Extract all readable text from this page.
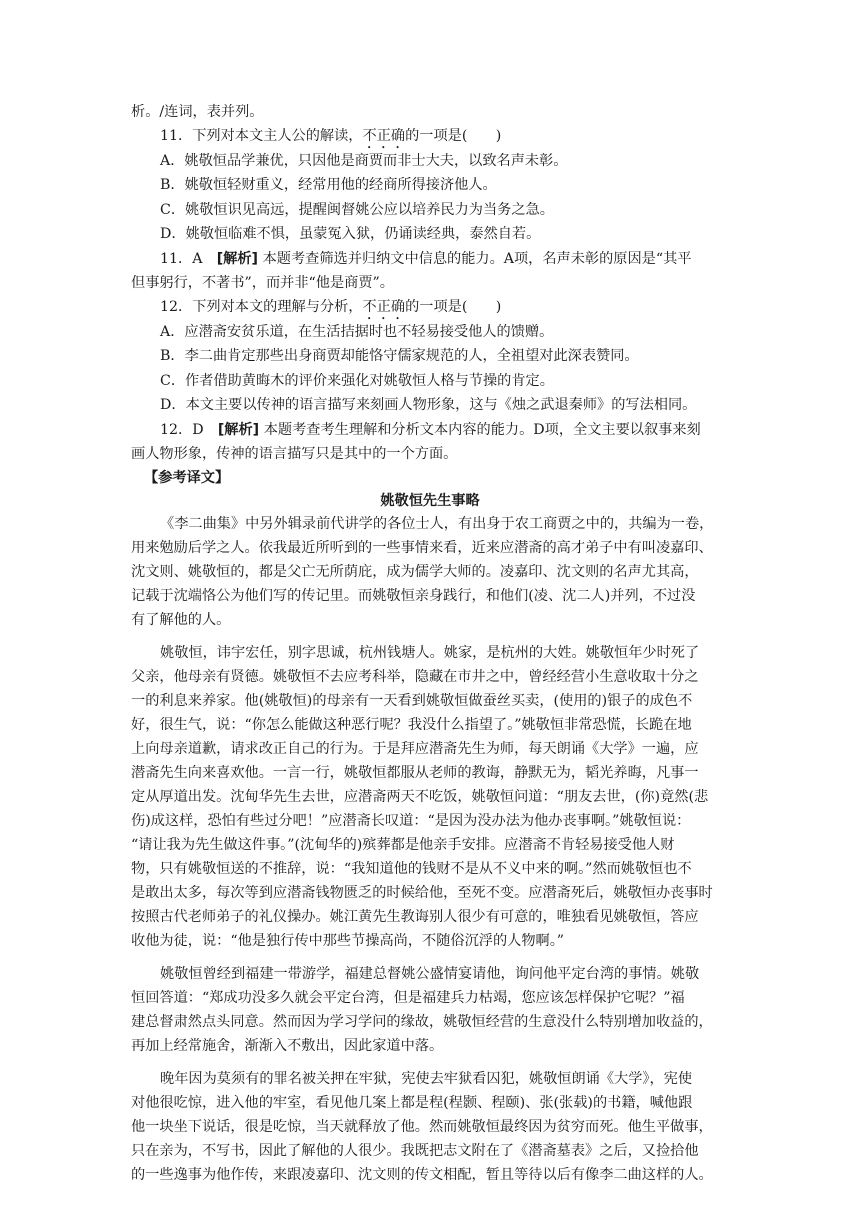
析。/连词，表并列。
11．下列对本文主人公的解读，不正确的一项是(　　)
A．姚敬恒品学兼优，只因他是商贾而非士大夫，以致名声未彰。
B．姚敬恒轻财重义，经常用他的经商所得接济他人。
C．姚敬恒识见高远，提醒闽督姚公应以培养民力为当务之急。
D．姚敬恒临难不惧，虽蒙冤入狱，仍诵读经典，泰然自若。
11．A　 [解析] 本题考查筛选并归纳文中信息的能力。A项，名声未彰的原因是“其平
但事躬行，不著书”，而并非“他是商贾”。
12．下列对本文的理解与分析，不正确的一项是(　　)
A．应潜斋安贫乐道，在生活拮据时也不轻易接受他人的馈赠。
B．李二曲肯定那些出身商贾却能恪守儒家规范的人，全祖望对此深表赞同。
C．作者借助黄晦木的评价来强化对姚敬恒人格与节操的肯定。
D．本文主要以传神的语言描写来刻画人物形象，这与《烛之武退秦师》的写法相同。
12．D　 [解析] 本题考查考生理解和分析文本内容的能力。D项，全文主要以叙事来刻
画人物形象，传神的语言描写只是其中的一个方面。
【参考译文】
姚敬恒先生事略
《李二曲集》中另外辑录前代讲学的各位士人，有出身于农工商贾之中的，共编为一卷，
用来勉励后学之人。依我最近所听到的一些事情来看，近来应潜斋的高才弟子中有叫凌嘉印、
沈文则、姚敬恒的，都是父亡无所荫庇，成为儒学大师的。凌嘉印、沈文则的名声尤其高，
记载于沈端恪公为他们写的传记里。而姚敬恒亲身践行，和他们(凌、沈二人)并列，不过没
有了解他的人。
姚敬恒，讳宇宏任，别字思诚，杭州钱塘人。姚家，是杭州的大姓。姚敬恒年少时死了
父亲，他母亲有贤德。姚敬恒不去应考科举，隐藏在市井之中，曾经经营小生意收取十分之
一的利息来养家。他(姚敬恒)的母亲有一天看到姚敬恒做蚕丝买卖，(使用的)银子的成色不
好，很生气，说：“你怎么能做这种恶行呢？我没什么指望了。”姚敬恒非常恐慌，长跪在地
上向母亲道歉，请求改正自己的行为。于是拜应潜斋先生为师，每天朗诵《大学》一遍，应
潜斋先生向来喜欢他。一言一行，姚敬恒都服从老师的教诲，静默无为，韬光养晦，凡事一
定从厚道出发。沈甸华先生去世，应潜斋两天不吃饭，姚敬恒问道：“朋友去世，(你)竟然(悲
伤)成这样，恐怕有些过分吧！”应潜斋长叹道：“是因为没办法为他办丧事啊。”姚敬恒说：
“请让我为先生做这件事。”(沈甸华的)殡葬都是他亲手安排。应潜斋不肯轻易接受他人财
物，只有姚敬恒送的不推辞，说：“我知道他的钱财不是从不义中来的啊。”然而姚敬恒也不
是敢出太多，每次等到应潜斋钱物匮乏的时候给他，至死不变。应潜斋死后，姚敬恒办丧事时
按照古代老师弟子的礼仪操办。姚江黄先生教诲别人很少有可意的，唯独看见姚敬恒，答应
收他为徒，说：“他是独行传中那些节操高尚，不随俗沉浮的人物啊。”
姚敬恒曾经到福建一带游学，福建总督姚公盛情宴请他，询问他平定台湾的事情。姚敬
恒回答道：“郑成功没多久就会平定台湾，但是福建兵力枯竭，您应该怎样保护它呢？”福
建总督肃然点头同意。然而因为学习学问的缘故，姚敬恒经营的生意没什么特别增加收益的，
再加上经常施舍，渐渐入不敷出，因此家道中落。
晚年因为莫须有的罪名被关押在牢狱，宪使去牢狱看囚犯，姚敬恒朗诵《大学》，宪使
对他很吃惊，进入他的牢室，看见他几案上都是程(程颢、程颐)、张(张载)的书籍，喊他跟
他一块坐下说话，很是吃惊，当天就释放了他。然而姚敬恒最终因为贫穷而死。他生平做事，
只在亲为，不写书，因此了解他的人很少。我既把志文附在了《潜斋墓表》之后，又捡拾他
的一些逸事为他作传，来跟凌嘉印、沈文则的传文相配，暂且等待以后有像李二曲这样的人。
